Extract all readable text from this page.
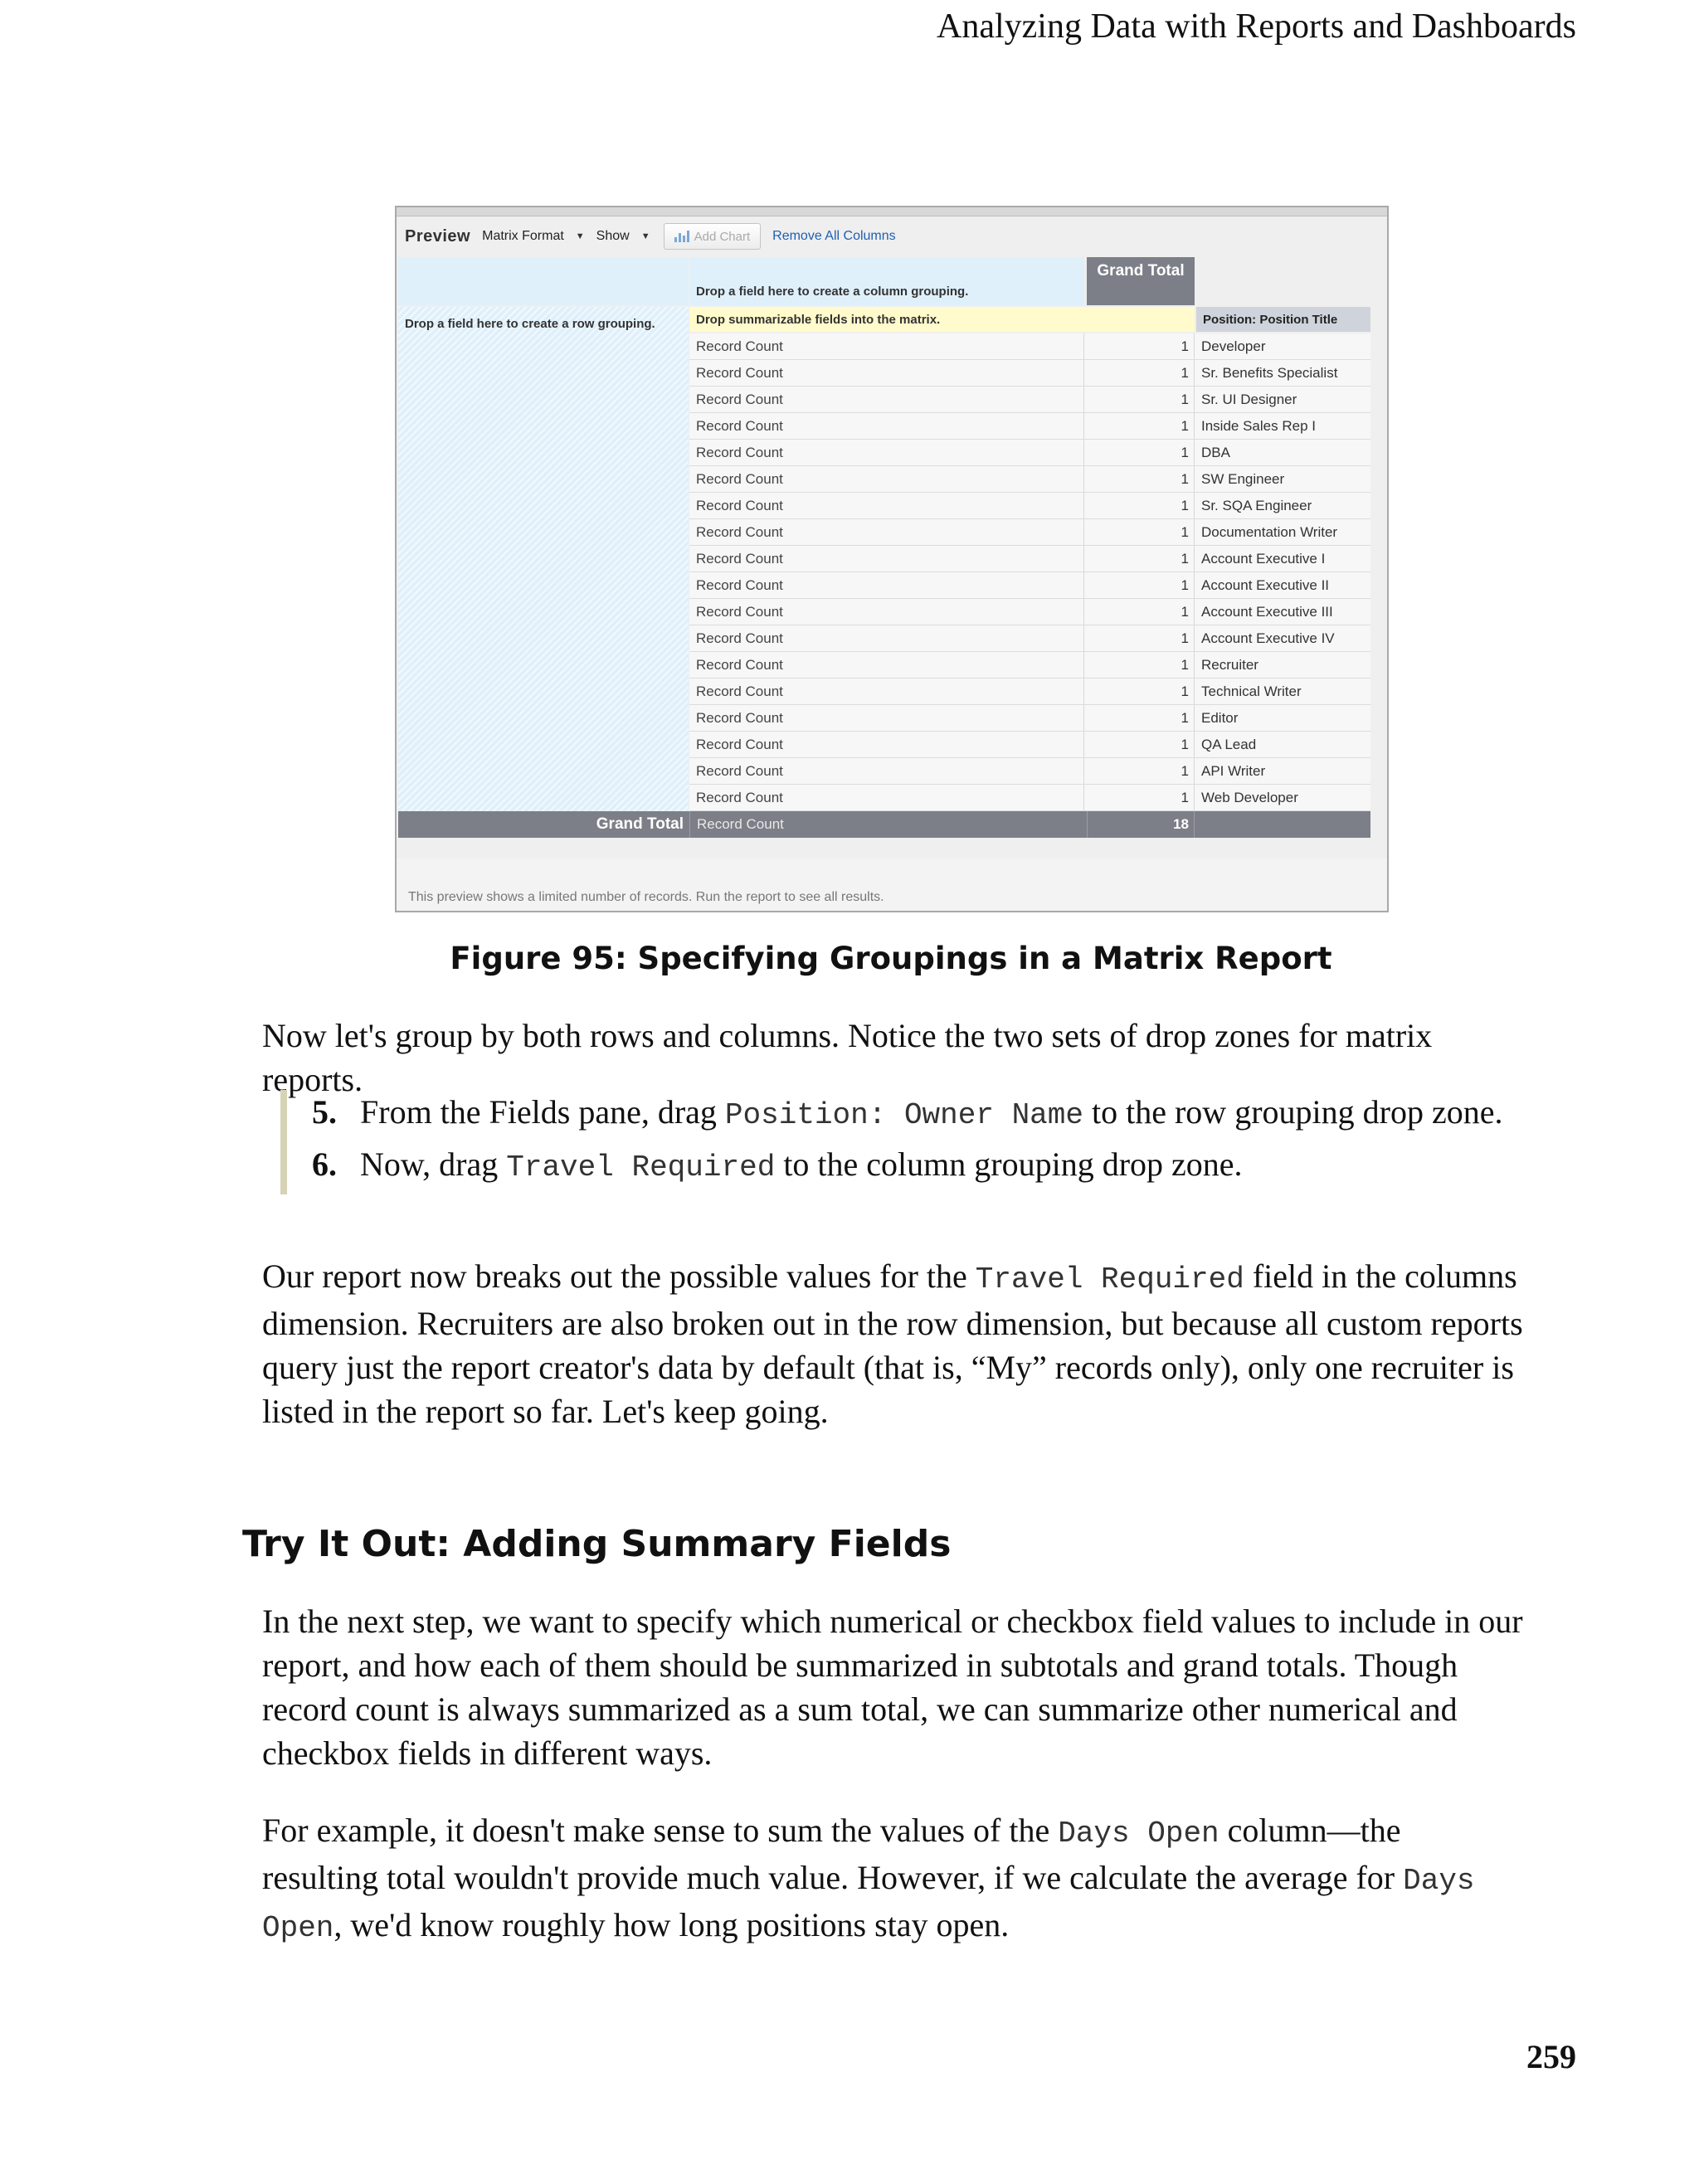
Analyzing Data with Reports and Dashboards
Preview Matrix Format ▼ Show ▼	Add Chart Remove All Columns
Drop a field here to create a column grouping.
Grand Total
Drop a field here to create a row grouping.	Drop summarizable fields into the matrix.	Position: Position Title
Record Count	1 Developer
Record Count	1 Sr. Benefits Specialist
Record Count	1 Sr. UI Designer
Record Count	1 Inside Sales Rep I
Record Count	1 DBA
Record Count	1 SW Engineer
Record Count	1 Sr. SQA Engineer
Record Count	1 Documentation Writer
Record Count	1 Account Executive I
Record Count	1 Account Executive II
Record Count	1 Account Executive III
Record Count	1 Account Executive IV
Record Count	1 Recruiter
Record Count	1 Technical Writer
Record Count	1 Editor
Record Count	1 QA Lead
Record Count	1 API Writer
Record Count	1 Web Developer
Grand Total Record Count	18
This preview shows a limited number of records. Run the report to see all results.
Figure 95: Specifying Groupings in a Matrix Report
Now let's group by both rows and columns. Notice the two sets of drop zones for matrix reports.
5. From the Fields pane, drag Position: Owner Name to the row grouping drop zone.
6. Now, drag Travel Required to the column grouping drop zone.
Our report now breaks out the possible values for the Travel Required field in the columns dimension. Recruiters are also broken out in the row dimension, but because all custom reports query just the report creator's data by default (that is, “My” records only), only one recruiter is listed in the report so far. Let's keep going.
Try It Out: Adding Summary Fields
In the next step, we want to specify which numerical or checkbox field values to include in our report, and how each of them should be summarized in subtotals and grand totals. Though record count is always summarized as a sum total, we can summarize other numerical and checkbox fields in different ways.
For example, it doesn't make sense to sum the values of the Days Open column—the resulting total wouldn't provide much value. However, if we calculate the average for Days Open, we'd know roughly how long positions stay open.
259
